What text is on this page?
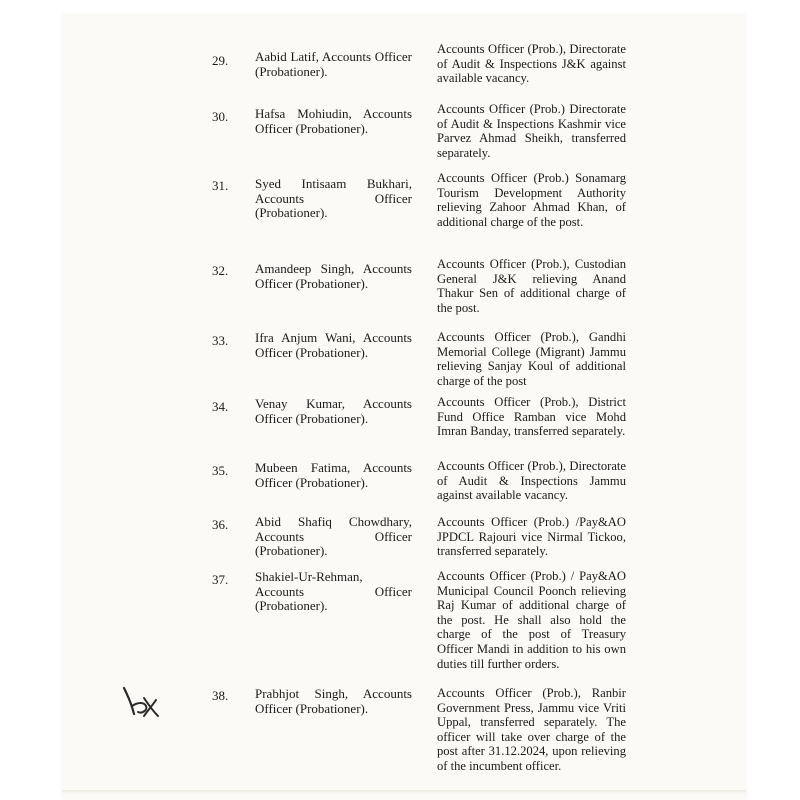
29.	Aabid Latif, Accounts Officer (Probationer).
Accounts Officer (Prob.), Directorate of Audit & Inspections J&K against available vacancy.
30.	Hafsa Mohiudin, Accounts Officer (Probationer).
Accounts Officer (Prob.) Directorate of Audit & Inspections Kashmir vice Parvez Ahmad Sheikh, transferred separately.
31.	Syed Intisaam Bukhari, Accounts Officer (Probationer).
Accounts Officer (Prob.) Sonamarg Tourism Development Authority relieving Zahoor Ahmad Khan, of additional charge of the post.
32.	Amandeep Singh, Accounts Officer (Probationer).
Accounts Officer (Prob.), Custodian General J&K relieving Anand Thakur Sen of additional charge of the post.
33.	Ifra Anjum Wani, Accounts Officer (Probationer).
Accounts Officer (Prob.), Gandhi Memorial College (Migrant) Jammu relieving Sanjay Koul of additional charge of the post
34.	Venay Kumar, Accounts Officer (Probationer).
Accounts Officer (Prob.), District Fund Office Ramban vice Mohd Imran Banday, transferred separately.
35.	Mubeen Fatima, Accounts Officer (Probationer).
Accounts Officer (Prob.), Directorate of Audit & Inspections Jammu against available vacancy.
36.	Abid Shafiq Chowdhary, Accounts Officer (Probationer).
Accounts Officer (Prob.) /Pay&AO JPDCL Rajouri vice Nirmal Tickoo, transferred separately.
37.	Shakiel-Ur-Rehman, Accounts Officer (Probationer).
Accounts Officer (Prob.) / Pay&AO Municipal Council Poonch relieving Raj Kumar of additional charge of the post. He shall also hold the charge of the post of Treasury Officer Mandi in addition to his own duties till further orders.
38.	Prabhjot Singh, Accounts Officer (Probationer).
Accounts Officer (Prob.), Ranbir Government Press, Jammu vice Vriti Uppal, transferred separately. The officer will take over charge of the post after 31.12.2024, upon relieving of the incumbent officer.
